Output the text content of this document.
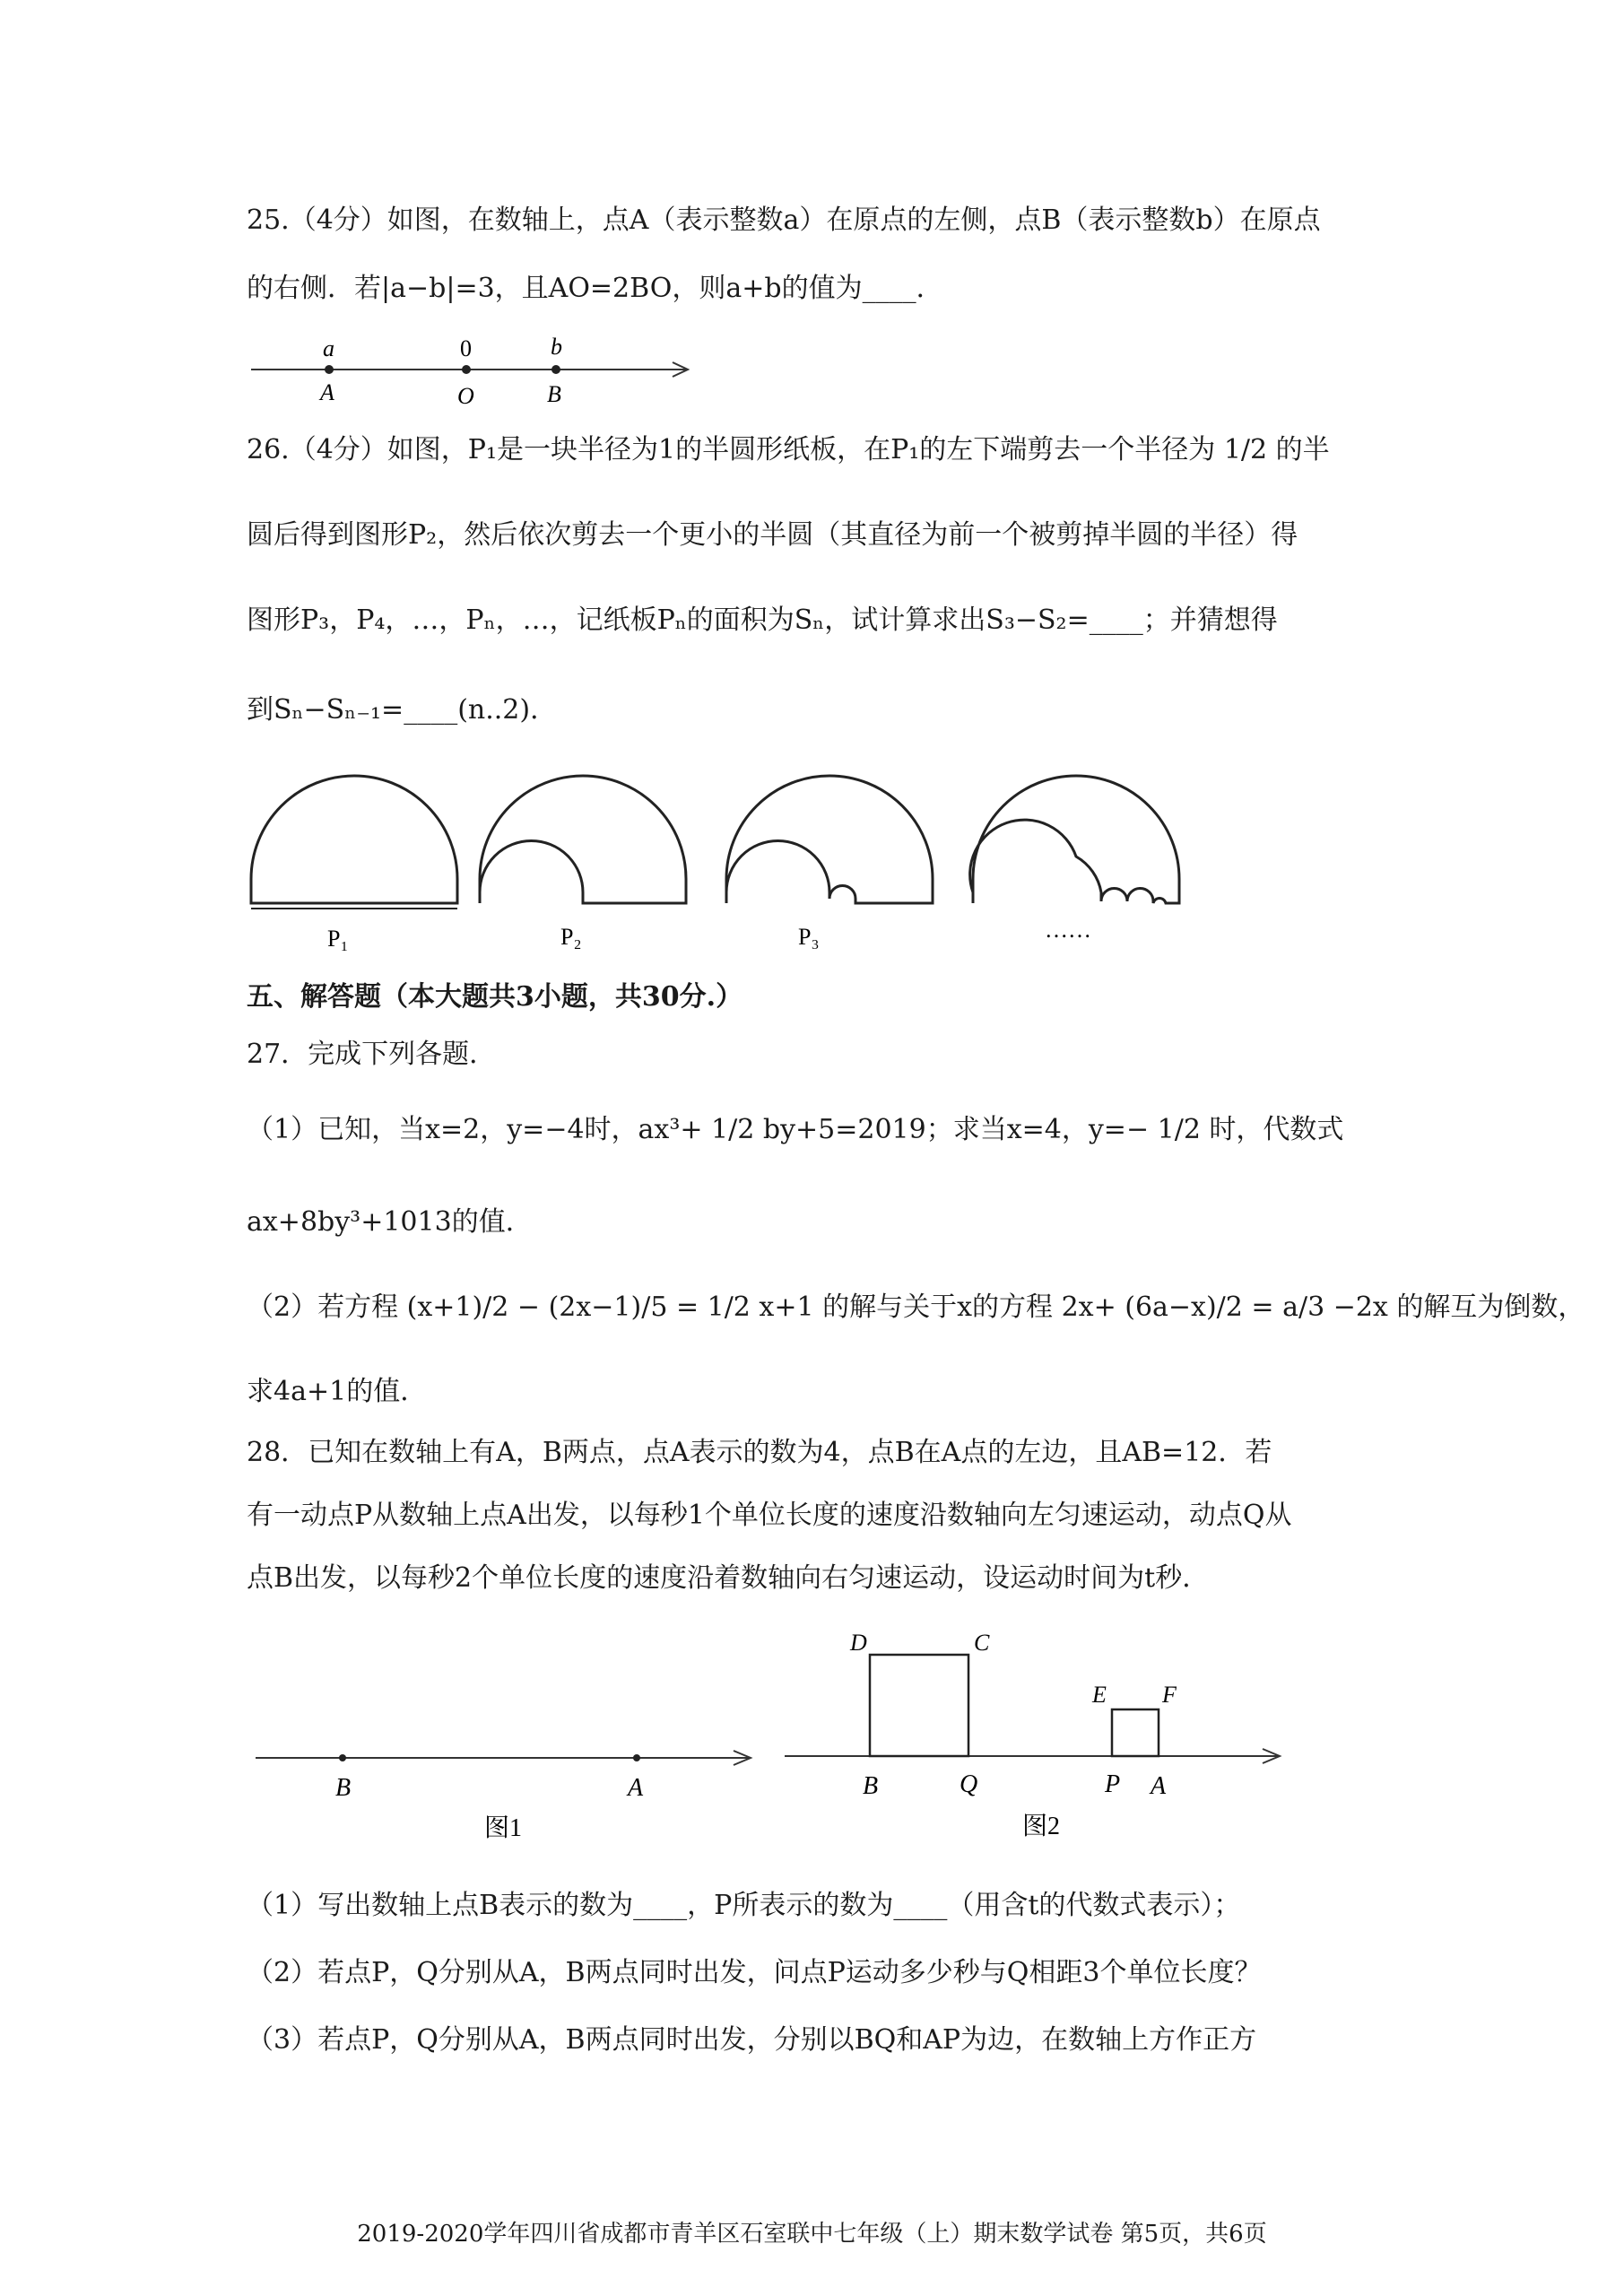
25.（4分）如图，在数轴上，点A（表示整数a）在原点的左侧，点B（表示整数b）在原点
的右侧．若|a−b|=3，且AO=2BO，则a+b的值为____．
a	0	b
A	O	B
26.（4分）如图，P₁是一块半径为1的半圆形纸板，在P₁的左下端剪去一个半径为 1/2 的半
圆后得到图形P₂，然后依次剪去一个更小的半圆（其直径为前一个被剪掉半圆的半径）得
图形P₃，P₄，…，Pₙ，…，记纸板Pₙ的面积为Sₙ，试计算求出S₃−S₂=____；并猜想得
到Sₙ−Sₙ₋₁=____(n..2)．
P₁	P₂	P₃	……
五、解答题（本大题共3小题，共30分.）
27．完成下列各题．
（1）已知，当x=2，y=−4时，ax³+ 1/2 by+5=2019；求当x=4，y=− 1/2 时，代数式
ax+8by³+1013的值．
（2）若方程 (x+1)/2 − (2x−1)/5 = 1/2 x+1 的解与关于x的方程 2x+ (6a−x)/2 = a/3 −2x 的解互为倒数，
求4a+1的值．
28．已知在数轴上有A，B两点，点A表示的数为4，点B在A点的左边，且AB=12．若
有一动点P从数轴上点A出发，以每秒1个单位长度的速度沿数轴向左匀速运动，动点Q从
点B出发，以每秒2个单位长度的速度沿着数轴向右匀速运动，设运动时间为t秒．
B	A
图1
D	C
E F
B	Q	P A
图2
（1）写出数轴上点B表示的数为____，P所表示的数为____（用含t的代数式表示）；
（2）若点P，Q分别从A，B两点同时出发，问点P运动多少秒与Q相距3个单位长度？
（3）若点P，Q分别从A，B两点同时出发，分别以BQ和AP为边，在数轴上方作正方
2019-2020学年四川省成都市青羊区石室联中七年级（上）期末数学试卷 第5页，共6页
